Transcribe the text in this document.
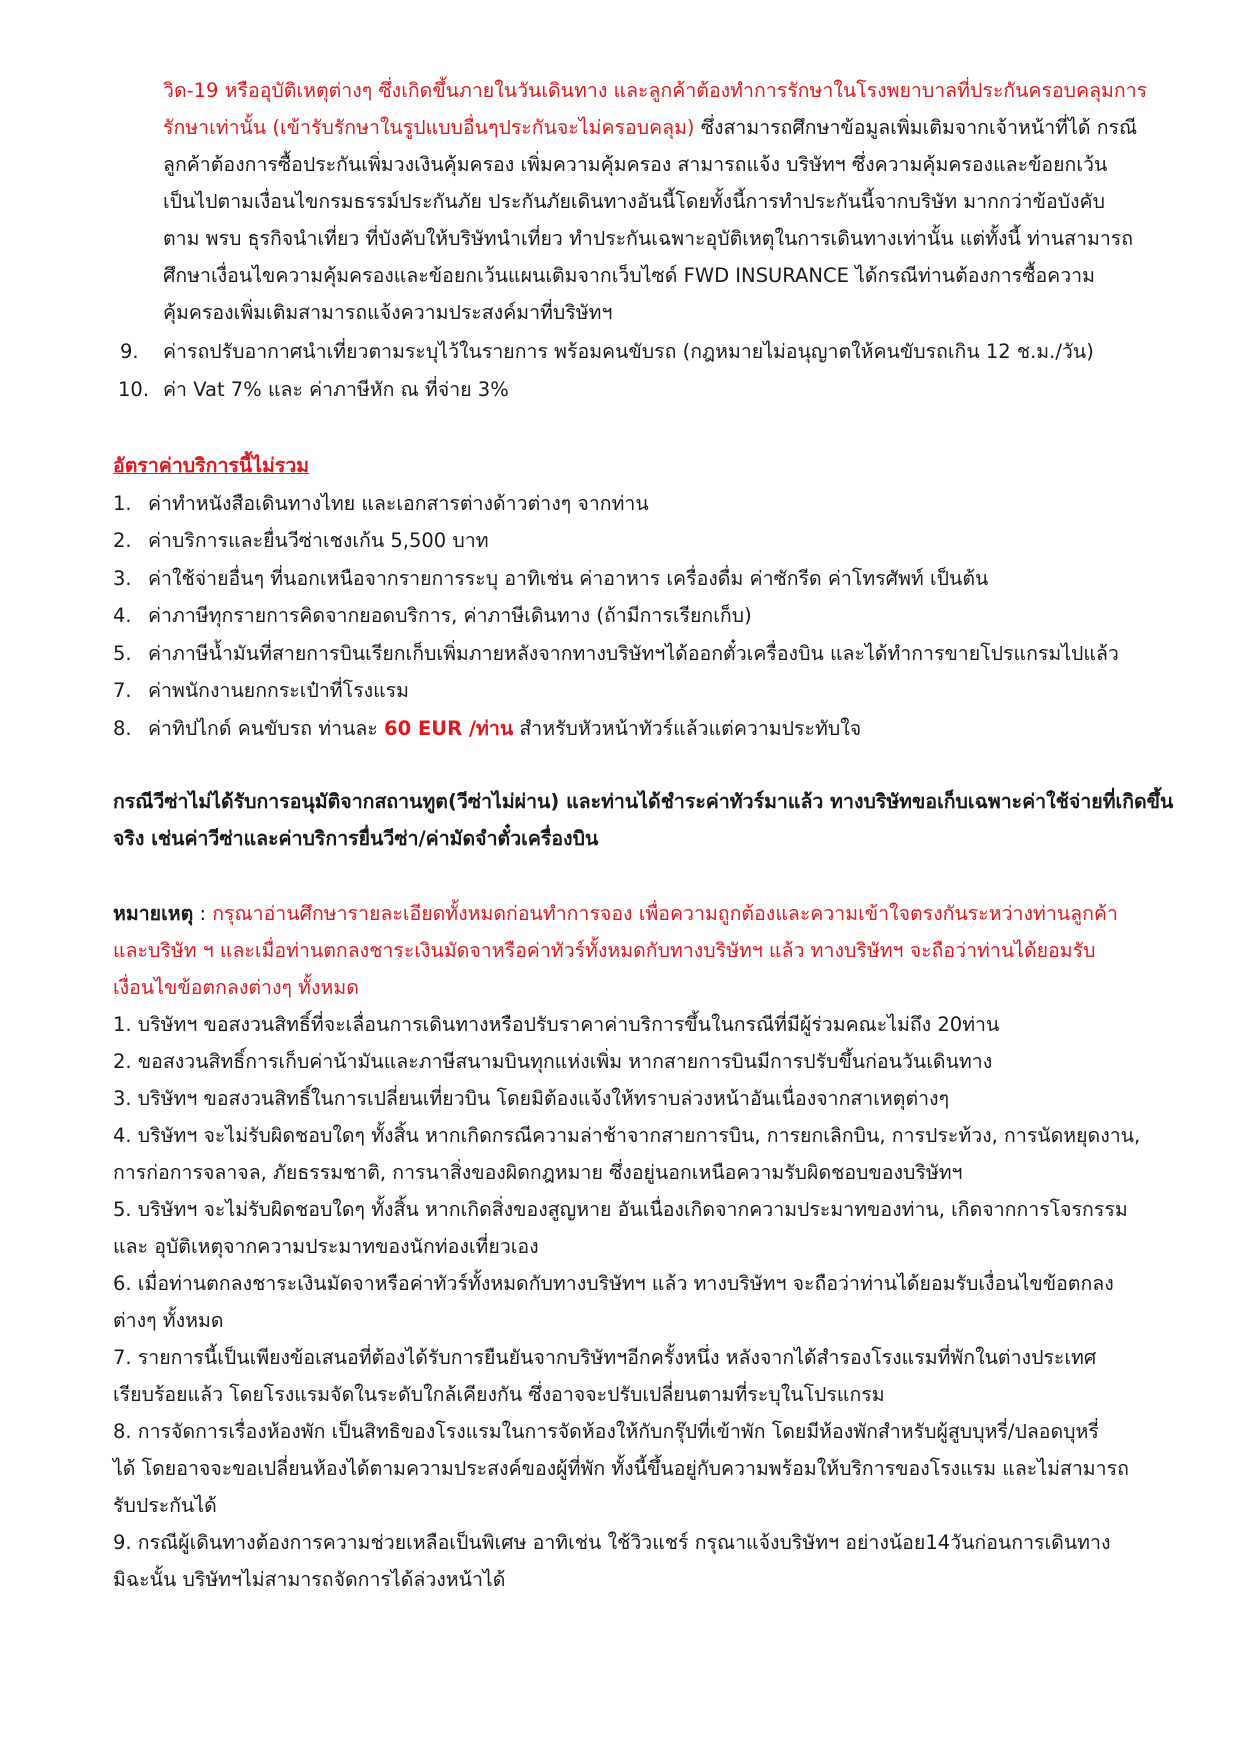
วิด-19 หรืออุบัติเหตุต่างๆ ซึ่งเกิดขึ้นภายในวันเดินทาง และลูกค้าต้องทำการรักษาในโรงพยาบาลที่ประกันครอบคลุมการ
รักษาเท่านั้น (เข้ารับรักษาในรูปแบบอื่นๆประกันจะไม่ครอบคลุม) ซึ่งสามารถศึกษาข้อมูลเพิ่มเติมจากเจ้าหน้าที่ได้ กรณี
ลูกค้าต้องการซื้อประกันเพิ่มวงเงินคุ้มครอง เพิ่มความคุ้มครอง สามารถแจ้ง บริษัทฯ ซึ่งความคุ้มครองและข้อยกเว้น
เป็นไปตามเงื่อนไขกรมธรรม์ประกันภัย ประกันภัยเดินทางอันนี้โดยทั้งนี้การทำประกันนี้จากบริษัท มากกว่าข้อบังคับ
ตาม พรบ ธุรกิจนำเที่ยว ที่บังคับให้บริษัทนำเที่ยว ทำประกันเฉพาะอุบัติเหตุในการเดินทางเท่านั้น แต่ทั้งนี้ ท่านสามารถ
ศึกษาเงื่อนไขความคุ้มครองและข้อยกเว้นแผนเติมจากเว็บไซด์ FWD INSURANCE ได้กรณีท่านต้องการซื้อความ
คุ้มครองเพิ่มเติมสามารถแจ้งความประสงค์มาที่บริษัทฯ
9. ค่ารถปรับอากาศนำเที่ยวตามระบุไว้ในรายการ พร้อมคนขับรถ (กฎหมายไม่อนุญาตให้คนขับรถเกิน 12 ช.ม./วัน)
10. ค่า Vat 7% และ ค่าภาษีหัก ณ ที่จ่าย 3%
อัตราค่าบริการนี้ไม่รวม
1. ค่าทำหนังสือเดินทางไทย และเอกสารต่างด้าวต่างๆ จากท่าน
2. ค่าบริการและยื่นวีซ่าเชงเก้น 5,500 บาท
3. ค่าใช้จ่ายอื่นๆ ที่นอกเหนือจากรายการระบุ อาทิเช่น ค่าอาหาร เครื่องดื่ม ค่าซักรีด ค่าโทรศัพท์ เป็นต้น
4. ค่าภาษีทุกรายการคิดจากยอดบริการ, ค่าภาษีเดินทาง (ถ้ามีการเรียกเก็บ)
5. ค่าภาษีน้ำมันที่สายการบินเรียกเก็บเพิ่มภายหลังจากทางบริษัทฯได้ออกตั๋วเครื่องบิน และได้ทำการขายโปรแกรมไปแล้ว
7. ค่าพนักงานยกกระเป๋าที่โรงแรม
8. ค่าทิปไกด์ คนขับรถ ท่านละ 60 EUR /ท่าน สำหรับหัวหน้าทัวร์แล้วแต่ความประทับใจ
กรณีวีซ่าไม่ได้รับการอนุมัติจากสถานทูต(วีซ่าไม่ผ่าน) และท่านได้ชำระค่าทัวร์มาแล้ว ทางบริษัทขอเก็บเฉพาะค่าใช้จ่ายที่เกิดขึ้น
จริง เช่นค่าวีซ่าและค่าบริการยื่นวีซ่า/ค่ามัดจำตั๋วเครื่องบิน
หมายเหตุ : กรุณาอ่านศึกษารายละเอียดทั้งหมดก่อนทำการจอง เพื่อความถูกต้องและความเข้าใจตรงกันระหว่างท่านลูกค้า
และบริษัท ฯ และเมื่อท่านตกลงชาระเงินมัดจาหรือค่าทัวร์ทั้งหมดกับทางบริษัทฯ แล้ว ทางบริษัทฯ จะถือว่าท่านได้ยอมรับ
เงื่อนไขข้อตกลงต่างๆ ทั้งหมด
1. บริษัทฯ ขอสงวนสิทธิ์ที่จะเลื่อนการเดินทางหรือปรับราคาค่าบริการขึ้นในกรณีที่มีผู้ร่วมคณะไม่ถึง 20ท่าน
2. ขอสงวนสิทธิ์การเก็บค่าน้ามันและภาษีสนามบินทุกแห่งเพิ่ม หากสายการบินมีการปรับขึ้นก่อนวันเดินทาง
3. บริษัทฯ ขอสงวนสิทธิ์ในการเปลี่ยนเที่ยวบิน โดยมิต้องแจ้งให้ทราบล่วงหน้าอันเนื่องจากสาเหตุต่างๆ
4. บริษัทฯ จะไม่รับผิดชอบใดๆ ทั้งสิ้น หากเกิดกรณีความล่าช้าจากสายการบิน, การยกเลิกบิน, การประท้วง, การนัดหยุดงาน,
การก่อการจลาจล, ภัยธรรมชาติ, การนาสิ่งของผิดกฎหมาย ซึ่งอยู่นอกเหนือความรับผิดชอบของบริษัทฯ
5. บริษัทฯ จะไม่รับผิดชอบใดๆ ทั้งสิ้น หากเกิดสิ่งของสูญหาย อันเนื่องเกิดจากความประมาทของท่าน, เกิดจากการโจรกรรม
และ อุบัติเหตุจากความประมาทของนักท่องเที่ยวเอง
6. เมื่อท่านตกลงชาระเงินมัดจาหรือค่าทัวร์ทั้งหมดกับทางบริษัทฯ แล้ว ทางบริษัทฯ จะถือว่าท่านได้ยอมรับเงื่อนไขข้อตกลง
ต่างๆ ทั้งหมด
7. รายการนี้เป็นเพียงข้อเสนอที่ต้องได้รับการยืนยันจากบริษัทฯอีกครั้งหนึ่ง หลังจากได้สำรองโรงแรมที่พักในต่างประเทศ
เรียบร้อยแล้ว โดยโรงแรมจัดในระดับใกล้เคียงกัน ซึ่งอาจจะปรับเปลี่ยนตามที่ระบุในโปรแกรม
8. การจัดการเรื่องห้องพัก เป็นสิทธิของโรงแรมในการจัดห้องให้กับกรุ๊ปที่เข้าพัก โดยมีห้องพักสำหรับผู้สูบบุหรี่/ปลอดบุหรี่
ได้ โดยอาจจะขอเปลี่ยนห้องได้ตามความประสงค์ของผู้ที่พัก ทั้งนี้ขึ้นอยู่กับความพร้อมให้บริการของโรงแรม และไม่สามารถ
รับประกันได้
9. กรณีผู้เดินทางต้องการความช่วยเหลือเป็นพิเศษ อาทิเช่น ใช้วิวแชร์ กรุณาแจ้งบริษัทฯ อย่างน้อย14วันก่อนการเดินทาง
มิฉะนั้น บริษัทฯไม่สามารถจัดการได้ล่วงหน้าได้
